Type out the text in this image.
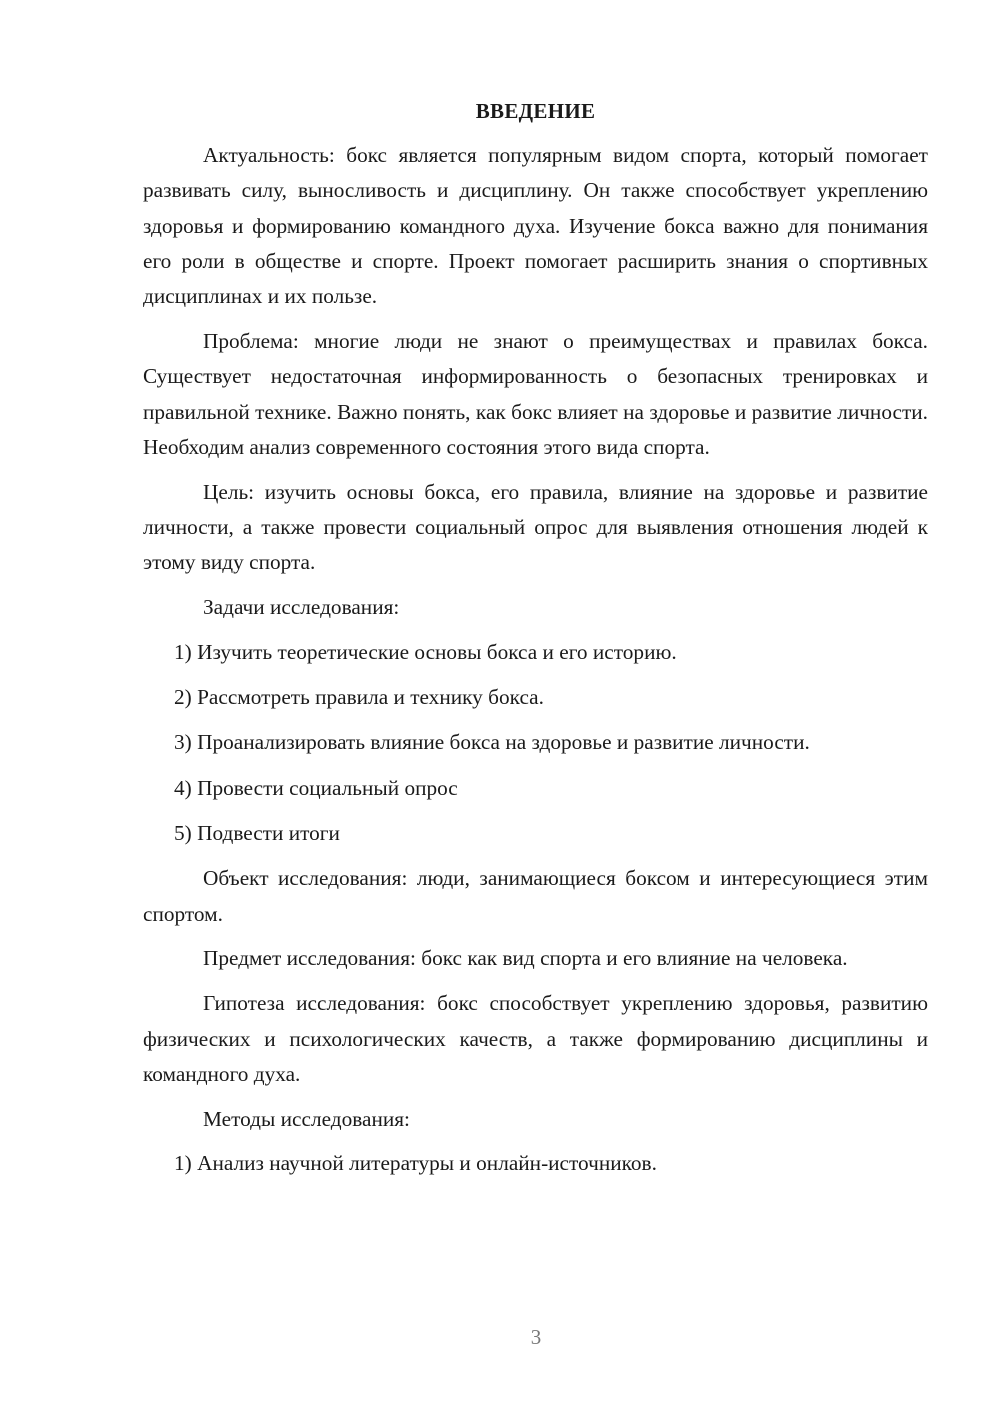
ВВЕДЕНИЕ

Актуальность: бокс является популярным видом спорта, который помогает развивать силу, выносливость и дисциплину. Он также способствует укреплению здоровья и формированию командного духа. Изучение бокса важно для понимания его роли в обществе и спорте. Проект помогает расширить знания о спортивных дисциплинах и их пользе.

Проблема: многие люди не знают о преимуществах и правилах бокса. Существует недостаточная информированность о безопасных тренировках и правильной технике. Важно понять, как бокс влияет на здоровье и развитие личности. Необходим анализ современного состояния этого вида спорта.

Цель: изучить основы бокса, его правила, влияние на здоровье и развитие личности, а также провести социальный опрос для выявления отношения людей к этому виду спорта.

Задачи исследования:

1) Изучить теоретические основы бокса и его историю.
2) Рассмотреть правила и технику бокса.
3) Проанализировать влияние бокса на здоровье и развитие личности.
4) Провести социальный опрос
5) Подвести итоги

Объект исследования: люди, занимающиеся боксом и интересующиеся этим спортом.

Предмет исследования: бокс как вид спорта и его влияние на человека.

Гипотеза исследования: бокс способствует укреплению здоровья, развитию физических и психологических качеств, а также формированию дисциплины и командного духа.

Методы исследования:

1) Анализ научной литературы и онлайн-источников.
3
